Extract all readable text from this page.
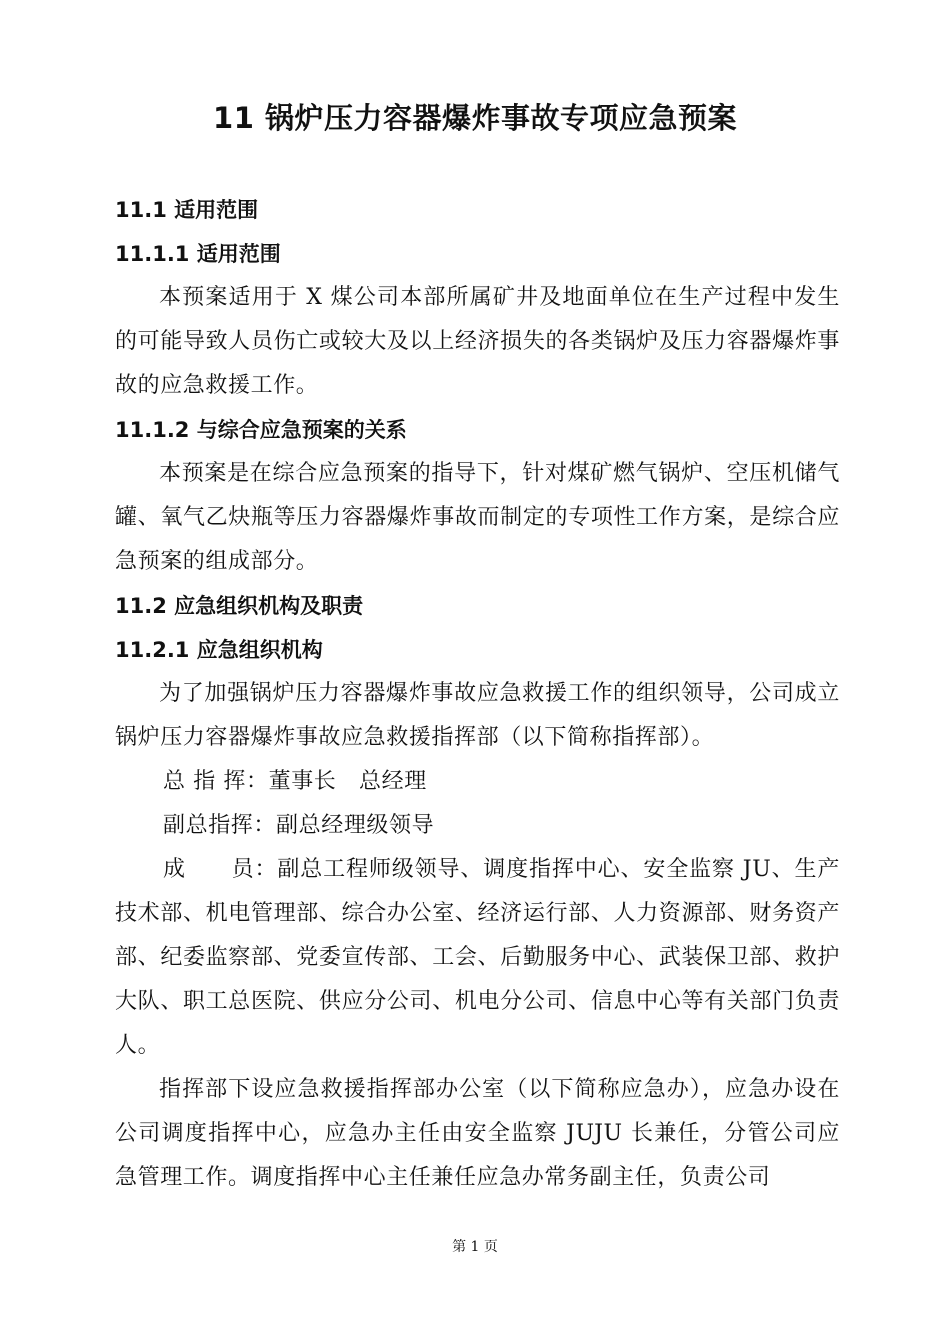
11 锅炉压力容器爆炸事故专项应急预案

11.1 适用范围

11.1.1 适用范围

本预案适用于 X 煤公司本部所属矿井及地面单位在生产过程中发生的可能导致人员伤亡或较大及以上经济损失的各类锅炉及压力容器爆炸事故的应急救援工作。

11.1.2 与综合应急预案的关系

本预案是在综合应急预案的指导下，针对煤矿燃气锅炉、空压机储气罐、氧气乙炔瓶等压力容器爆炸事故而制定的专项性工作方案，是综合应急预案的组成部分。

11.2 应急组织机构及职责

11.2.1 应急组织机构

为了加强锅炉压力容器爆炸事故应急救援工作的组织领导，公司成立锅炉压力容器爆炸事故应急救援指挥部（以下简称指挥部）。

总 指 挥：董事长　总经理

副总指挥：副总经理级领导

成　　员：副总工程师级领导、调度指挥中心、安全监察 JU、生产技术部、机电管理部、综合办公室、经济运行部、人力资源部、财务资产部、纪委监察部、党委宣传部、工会、后勤服务中心、武装保卫部、救护大队、职工总医院、供应分公司、机电分公司、信息中心等有关部门负责人。

指挥部下设应急救援指挥部办公室（以下简称应急办），应急办设在公司调度指挥中心，应急办主任由安全监察 JUJU 长兼任，分管公司应急管理工作。调度指挥中心主任兼任应急办常务副主任，负责公司

第 1 页
